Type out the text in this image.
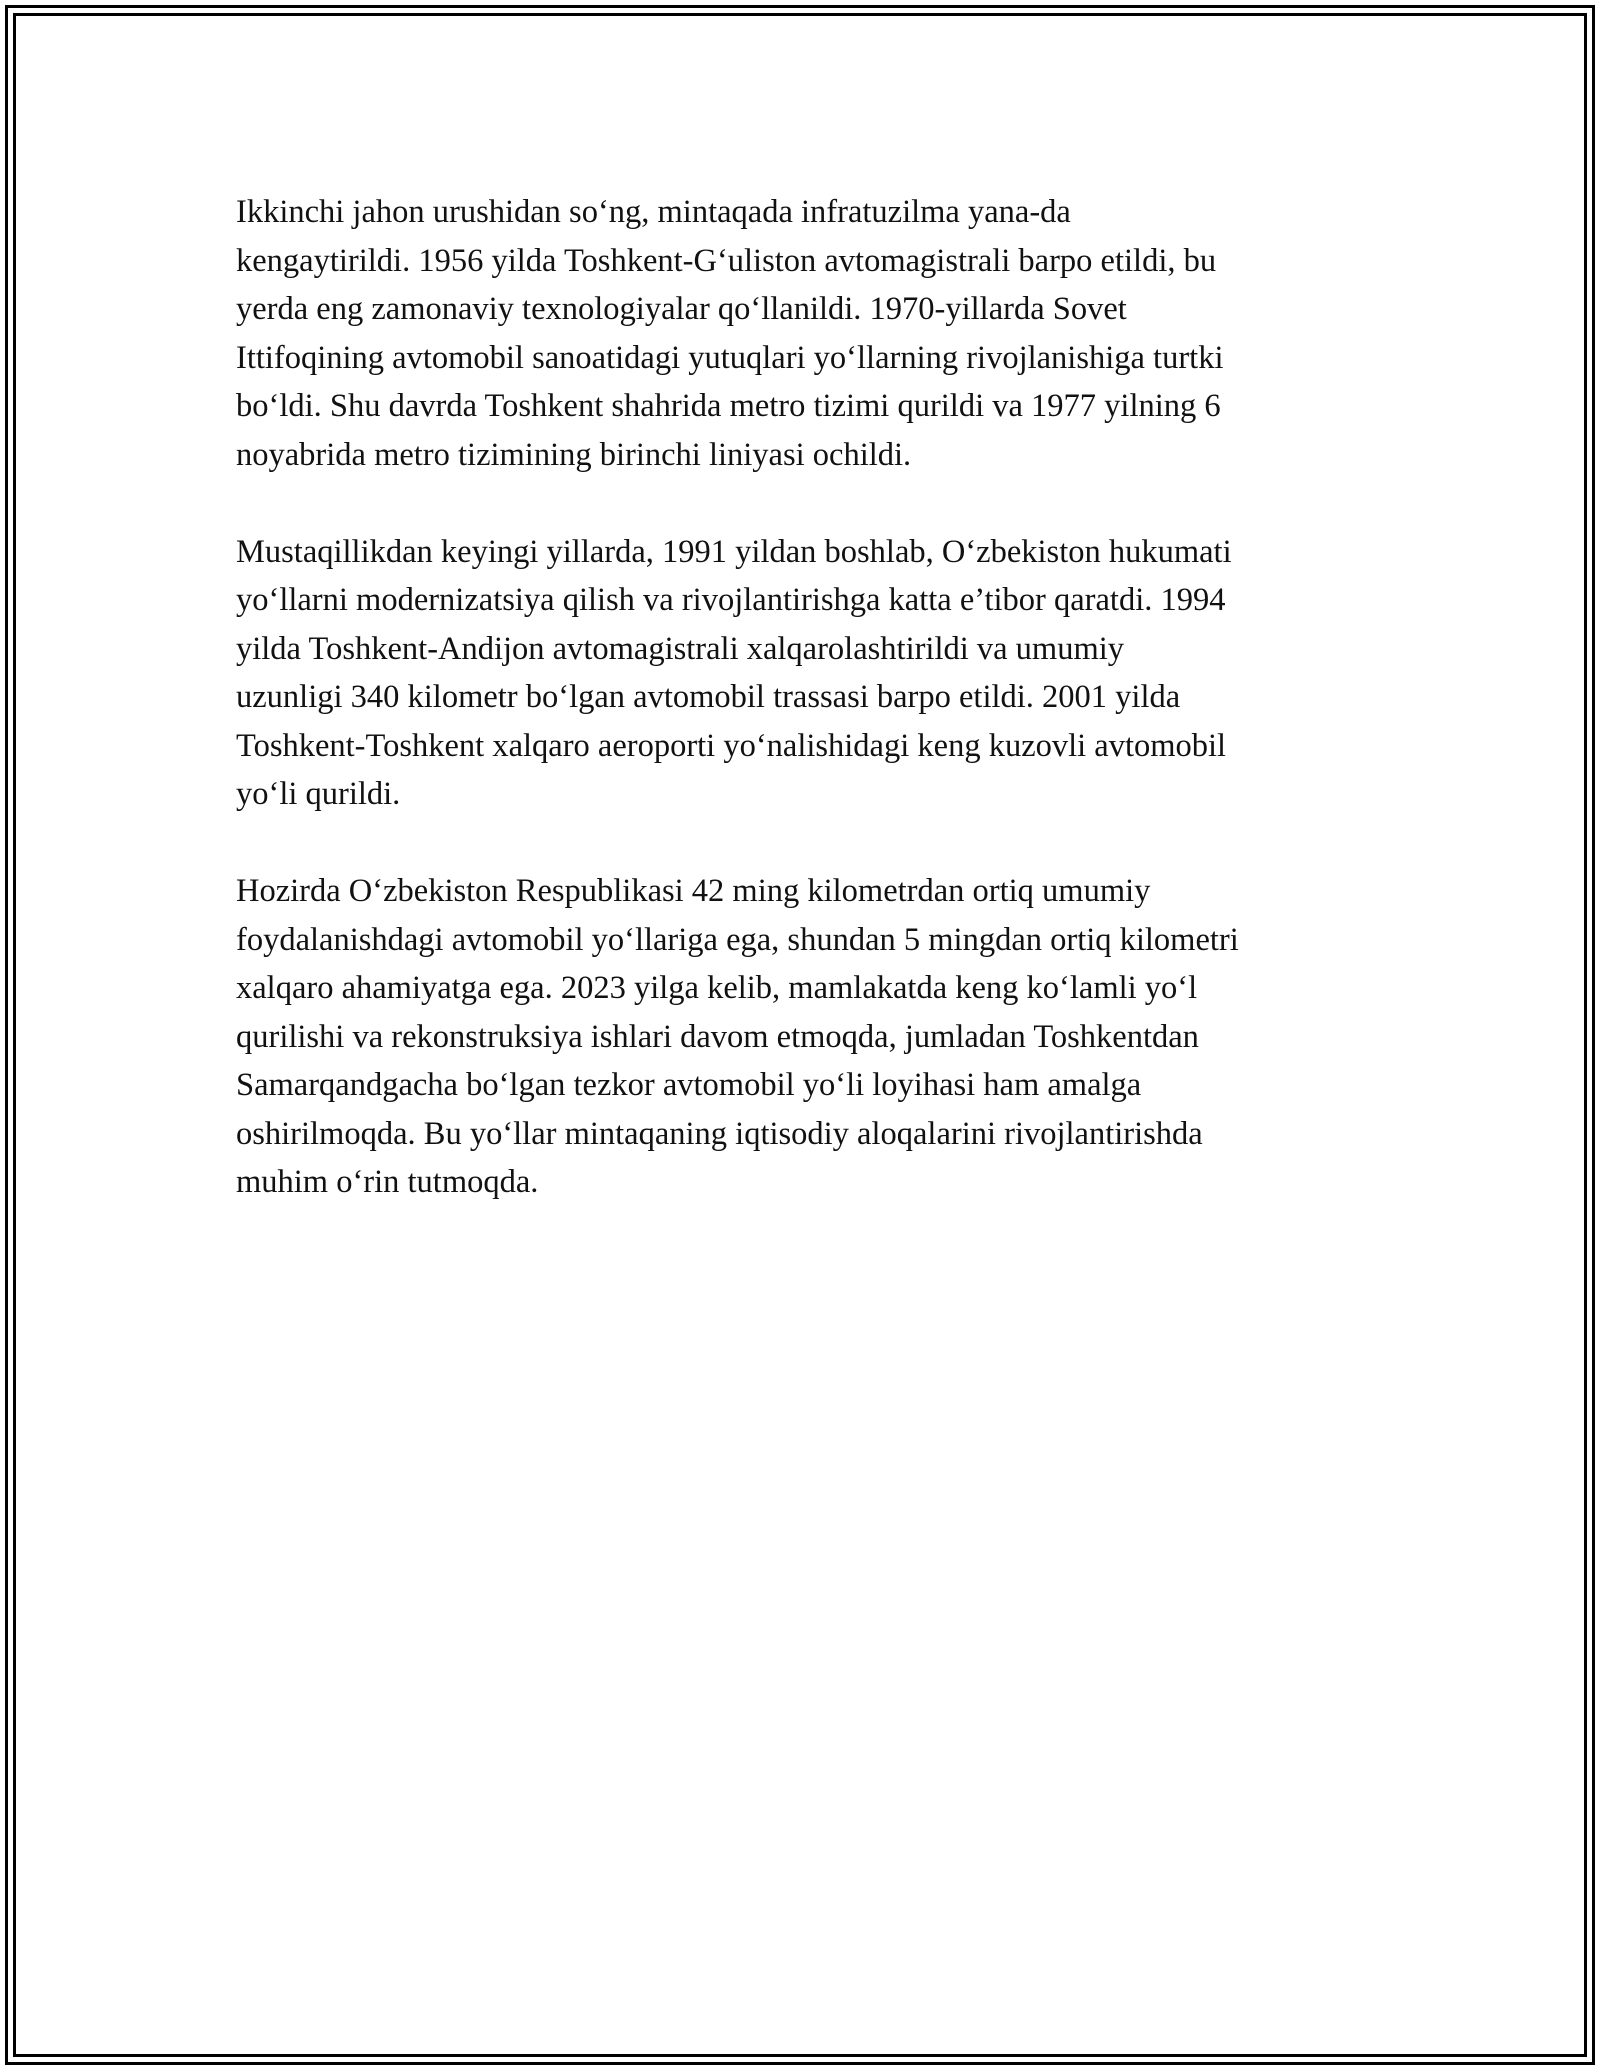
Ikkinchi jahon urushidan so‘ng, mintaqada infratuzilma yana-da
kengaytirildi. 1956 yilda Toshkent-G‘uliston avtomagistrali barpo etildi, bu
yerda eng zamonaviy texnologiyalar qo‘llanildi. 1970-yillarda Sovet
Ittifoqining avtomobil sanoatidagi yutuqlari yo‘llarning rivojlanishiga turtki
bo‘ldi. Shu davrda Toshkent shahrida metro tizimi qurildi va 1977 yilning 6
noyabrida metro tizimining birinchi liniyasi ochildi.

Mustaqillikdan keyingi yillarda, 1991 yildan boshlab, O‘zbekiston hukumati
yo‘llarni modernizatsiya qilish va rivojlantirishga katta e’tibor qaratdi. 1994
yilda Toshkent-Andijon avtomagistrali xalqarolashtirildi va umumiy
uzunligi 340 kilometr bo‘lgan avtomobil trassasi barpo etildi. 2001 yilda
Toshkent-Toshkent xalqaro aeroporti yo‘nalishidagi keng kuzovli avtomobil
yo‘li qurildi.

Hozirda O‘zbekiston Respublikasi 42 ming kilometrdan ortiq umumiy
foydalanishdagi avtomobil yo‘llariga ega, shundan 5 mingdan ortiq kilometri
xalqaro ahamiyatga ega. 2023 yilga kelib, mamlakatda keng ko‘lamli yo‘l
qurilishi va rekonstruksiya ishlari davom etmoqda, jumladan Toshkentdan
Samarqandgacha bo‘lgan tezkor avtomobil yo‘li loyihasi ham amalga
oshirilmoqda. Bu yo‘llar mintaqaning iqtisodiy aloqalarini rivojlantirishda
muhim o‘rin tutmoqda.
